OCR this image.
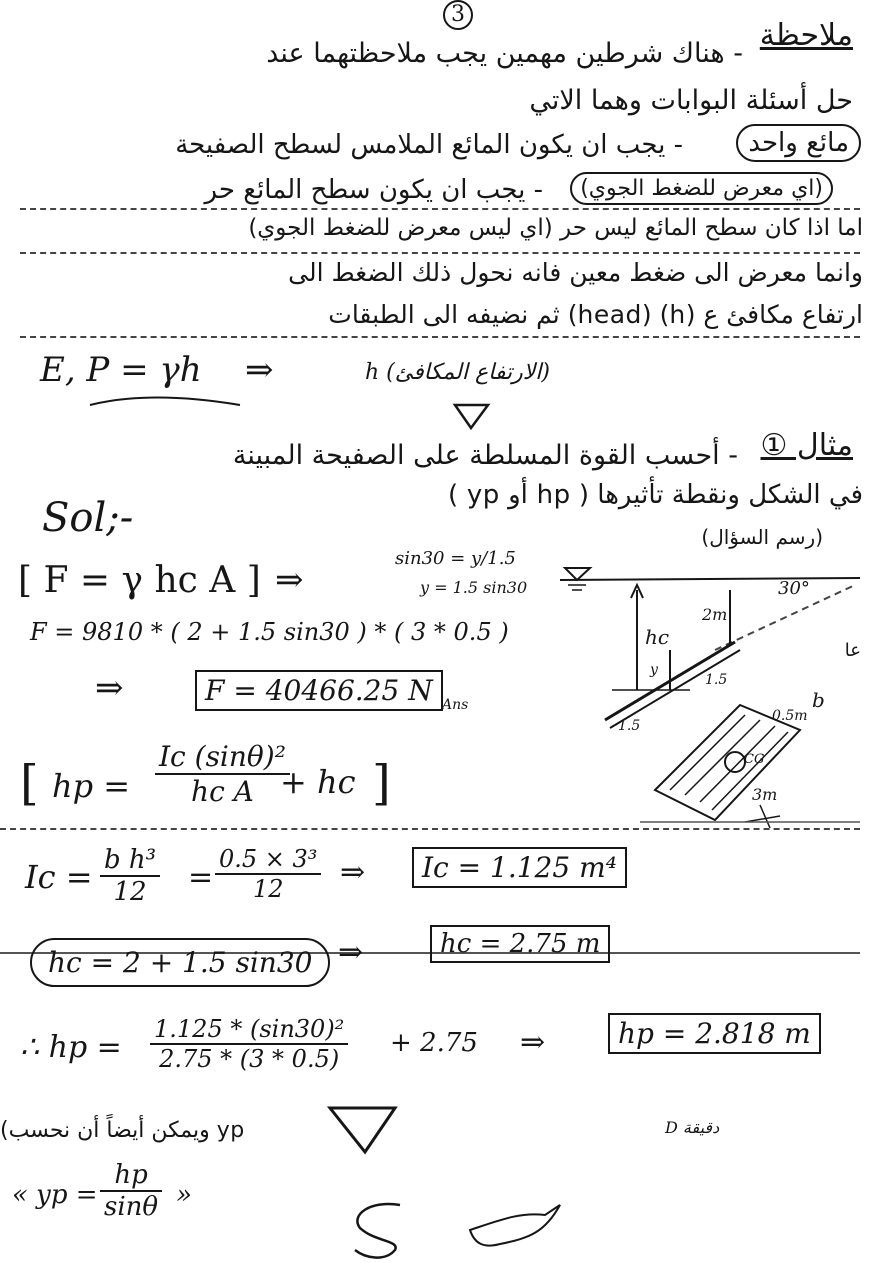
3
ملاحظة
- هناك شرطين مهمين يجب ملاحظتهما عند
حل أسئلة البوابات وهما الاتي
- يجب ان يكون المائع الملامس لسطح الصفيحة	مائع واحد
- يجب ان يكون سطح المائع حر	(اي معرض للضغط الجوي)
اما اذا كان سطح المائع ليس حر (اي ليس معرض للضغط الجوي)
وانما معرض الى ضغط معين فانه نحول ذلك الضغط الى
ارتفاع مكافئ ع (h) (head) ثم نضيفه الى الطبقات
E, P = γh ⇒	h (الارتفاع المكافئ)
مثال ①
- أحسب القوة المسلطة على الصفيحة المبينة
في الشكل ونقطة تأثيرها ( hp أو yp )
Sol;-	(رسم السؤال)
sin30 = y/1.5
y = 1.5 sin30
[ F = γ hc A ] ⇒
F = 9810 * ( 2 + 1.5 sin30 ) * ( 3 * 0.5 )
⇒	F = 40466.25 N Ans
[ hp = $\frac{\text{Ic (sinθ)²}}{\text{hc A}}$
+ hc ]
$Ic = \frac{\text{b h³}}{12} = \frac{\text{0.5 × 3³}}{12}$ ⇒	Ic = 1.125 m⁴
hc = 2 + 1.5 sin30 ⇒	hc = 2.75 m
∴ hp = $\frac{\text{1.125 * (sin30)²}}{2.75 * (3 * 0.5)} + 2.75$ ⇒	hp = 2.818 m
(ويمكن أيضاً أن نحسب yp	D دقيقة
« yp = $\frac{hp}{\sin\theta}$ »
30°
2m
hc
y
1.5
1.5
0.5m
3m
b
CG
عا
